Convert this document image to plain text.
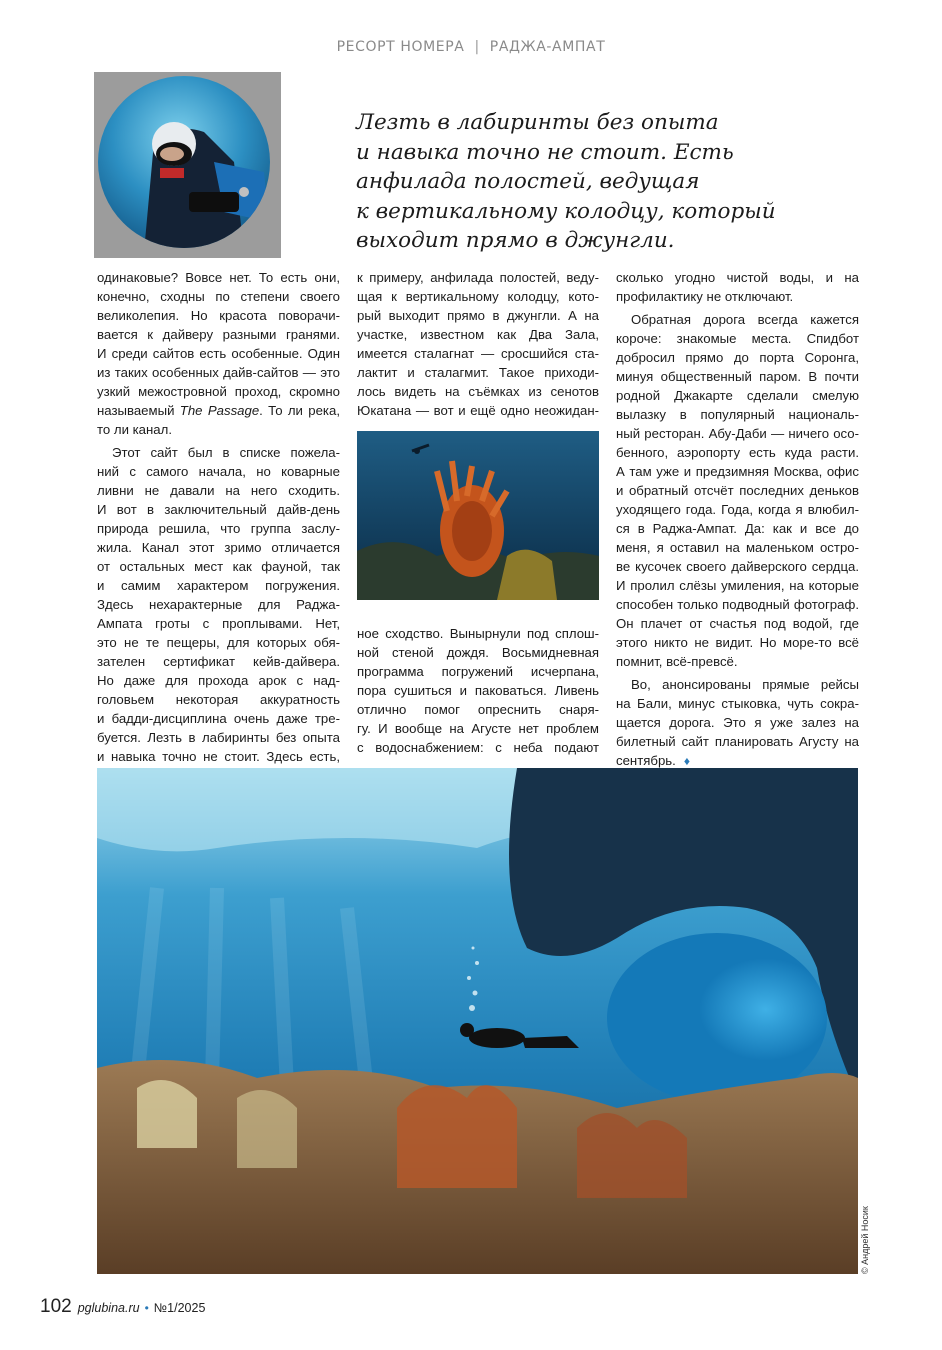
РЕСОРТ НОМЕРА | РАДЖА-АМПАТ
Лезть в лабиринты без опыта
и навыка точно не стоит. Есть
анфилада полостей, ведущая
к вертикальному колодцу, который
выходит прямо в джунгли.
одинаковые? Вовсе нет. То есть они,
конечно, сходны по степени своего
великолепия. Но красота поворачи-
вается к дайверу разными гранями.
И среди сайтов есть особенные. Один
из таких особенных дайв-сайтов — это
узкий межостровной проход, скромно
называемый The Passage. То ли река,
то ли канал.
Этот сайт был в списке пожела-
ний с самого начала, но коварные
ливни не давали на него сходить.
И вот в заключительный дайв-день
природа решила, что группа заслу-
жила. Канал этот зримо отличается
от остальных мест как фауной, так
и самим характером погружения.
Здесь нехарактерные для Раджа-
Ампата гроты с проплывами. Нет,
это не те пещеры, для которых обя-
зателен сертификат кейв-дайвера.
Но даже для прохода арок с над-
головьем некоторая аккуратность
и бадди-дисциплина очень даже тре-
буется. Лезть в лабиринты без опыта
и навыка точно не стоит. Здесь есть,
к примеру, анфилада полостей, веду-
щая к вертикальному колодцу, кото-
рый выходит прямо в джунгли. А на
участке, известном как Два Зала,
имеется сталагнат — сросшийся ста-
лактит и сталагмит. Такое приходи-
лось видеть на съёмках из сенотов
Юкатана — вот и ещё одно неожидан-
ное сходство. Вынырнули под сплош-
ной стеной дождя. Восьмидневная
программа погружений исчерпана,
пора сушиться и паковаться. Ливень
отлично помог опреснить снаря-
гу. И вообще на Агусте нет проблем
с водоснабжением: с неба подают
сколько угодно чистой воды, и на
профилактику не отключают.
Обратная дорога всегда кажется
короче: знакомые места. Спидбот
добросил прямо до порта Соронга,
минуя общественный паром. В почти
родной Джакарте сделали смелую
вылазку в популярный националь-
ный ресторан. Абу-Даби — ничего осо-
бенного, аэропорту есть куда расти.
А там уже и предзимняя Москва, офис
и обратный отсчёт последних деньков
уходящего года. Года, когда я влюбил-
ся в Раджа-Ампат. Да: как и все до
меня, я оставил на маленьком остро-
ве кусочек своего дайверского сердца.
И пролил слёзы умиления, на которые
способен только подводный фотограф.
Он плачет от счастья под водой, где
этого никто не видит. Но море-то всё
помнит, всё-превсё.
Во, анонсированы прямые рейсы
на Бали, минус стыковка, чуть сокра-
щается дорога. Это я уже залез на
билетный сайт планировать Агусту на
сентябрь. ♦
© Андрей Носик
102 pglubina.ru • №1/2025
